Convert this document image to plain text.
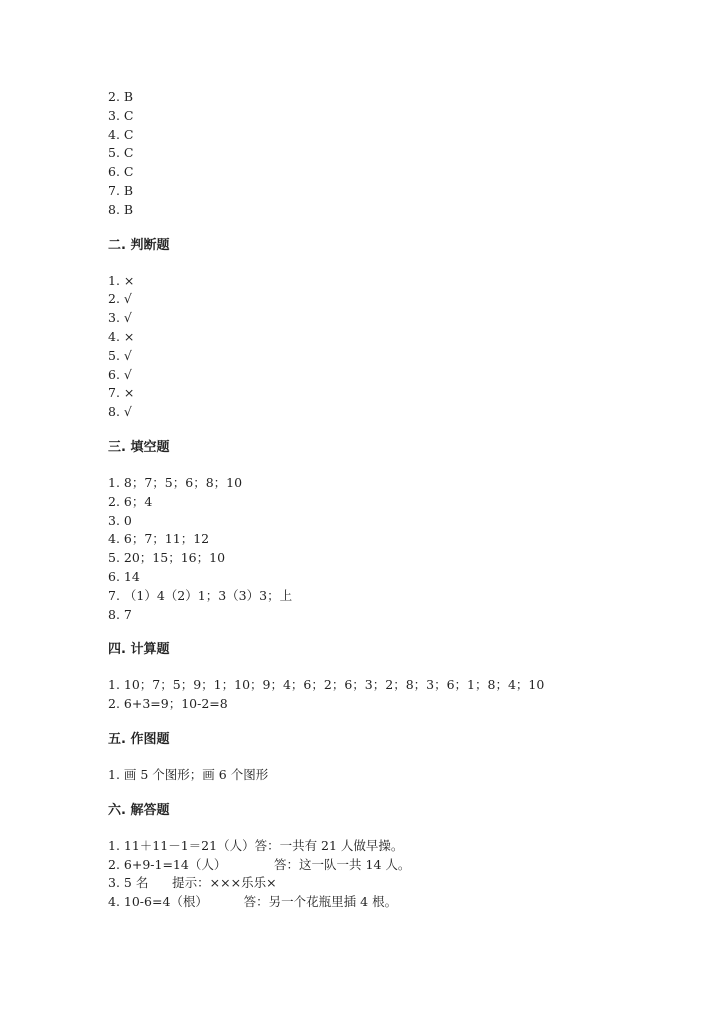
2. B
3. C
4. C
5. C
6. C
7. B
8. B
二. 判断题
1. ×
2. √
3. √
4. ×
5. √
6. √
7. ×
8. √
三. 填空题
1. 8；7；5；6；8；10
2. 6；4
3. 0
4. 6；7；11；12
5. 20；15；16；10
6. 14
7. （1）4（2）1；3（3）3；上
8. 7
四. 计算题
1. 10；7；5；9；1；10；9；4；6；2；6；3；2；8；3；6；1；8；4；10
2. 6+3=9；10-2=8
五. 作图题
1. 画 5 个图形；画 6 个图形
六. 解答题
1. 11＋11－1＝21（人）答：一共有 21 人做早操。
2. 6+9-1=14（人）            答：这一队一共 14 人。
3. 5 名      提示：×××乐乐×
4. 10-6=4（根）         答：另一个花瓶里插 4 根。
